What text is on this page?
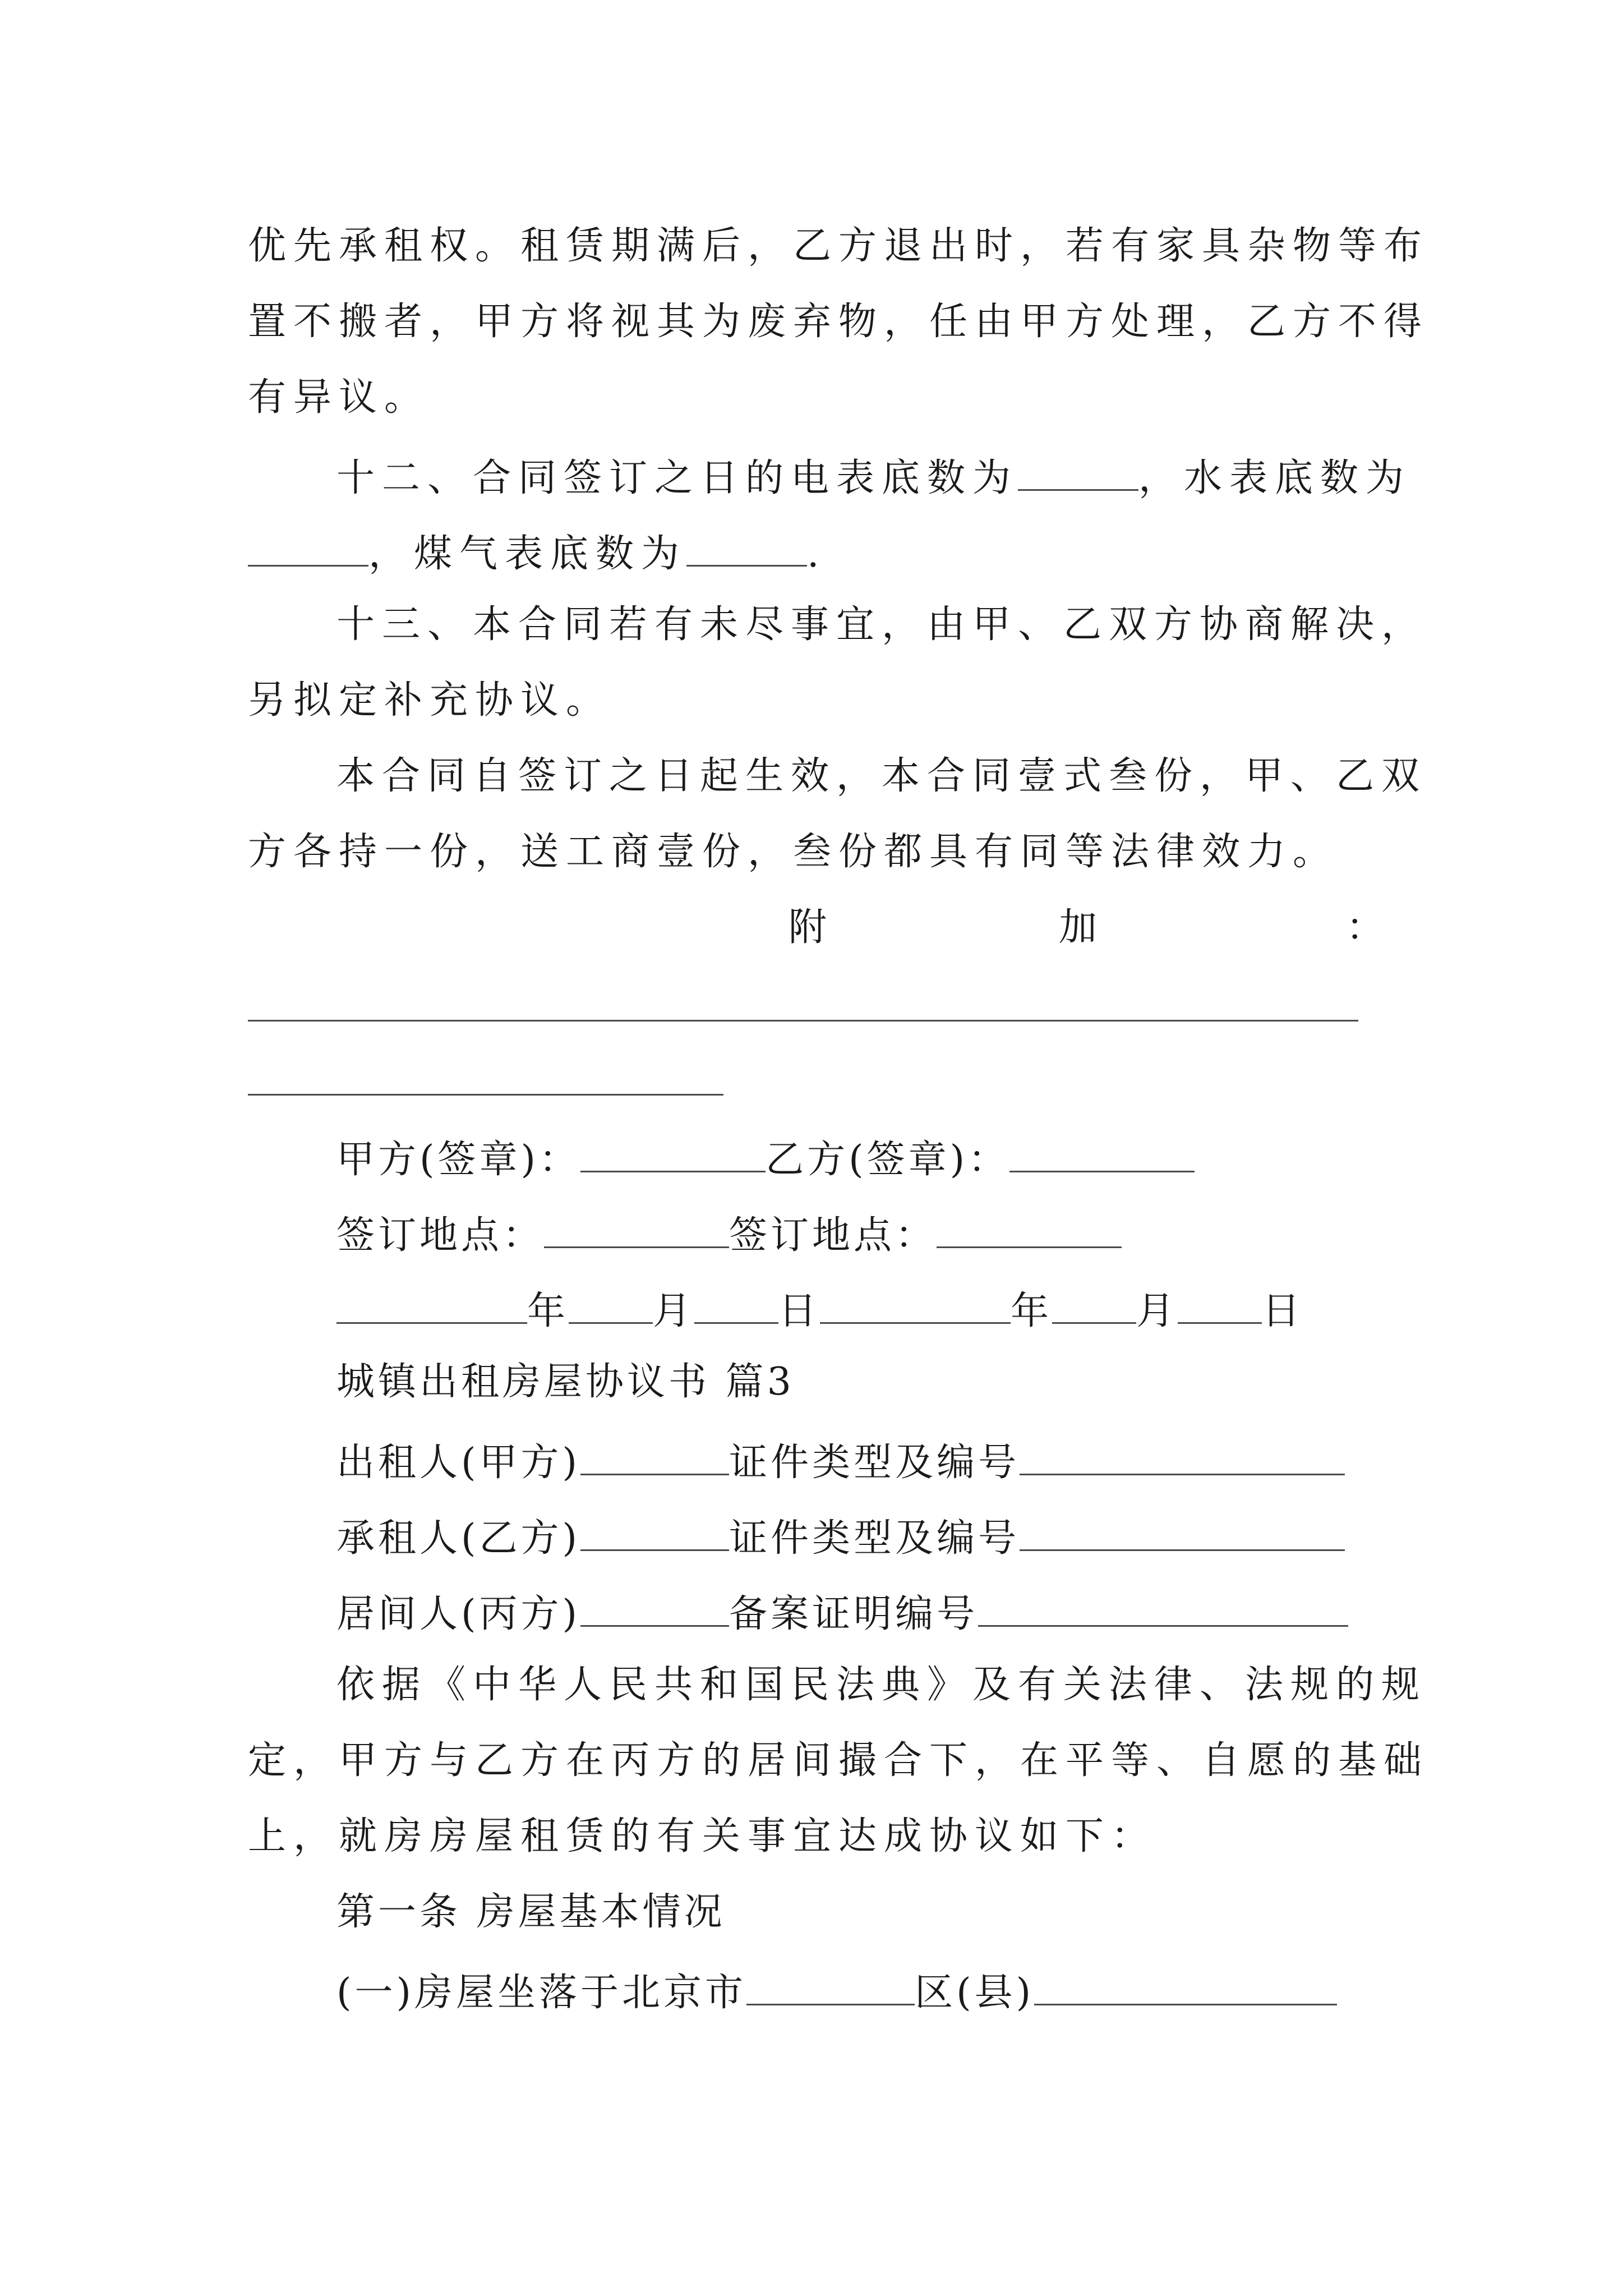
优先承租权。租赁期满后，乙方退出时，若有家具杂物等布
置不搬者，甲方将视其为废弃物，任由甲方处理，乙方不得
有异议。
十二、合同签订之日的电表底数为	，水表底数为
，煤气表底数为	.
十三、本合同若有未尽事宜，由甲、乙双方协商解决，
另拟定补充协议。
本合同自签订之日起生效，本合同壹式叁份，甲、乙双
方各持一份，送工商壹份，叁份都具有同等法律效力。
附	加	：
甲方(签章)：	乙方(签章)：
签订地点：	签订地点：
年 月 日	年 月 日
城镇出租房屋协议书 篇3
出租人(甲方)	证件类型及编号
承租人(乙方)	证件类型及编号
居间人(丙方)	备案证明编号
依据《中华人民共和国民法典》及有关法律、法规的规
定，甲方与乙方在丙方的居间撮合下，在平等、自愿的基础
上，就房房屋租赁的有关事宜达成协议如下：
第一条 房屋基本情况
(一)房屋坐落于北京市	区(县)
